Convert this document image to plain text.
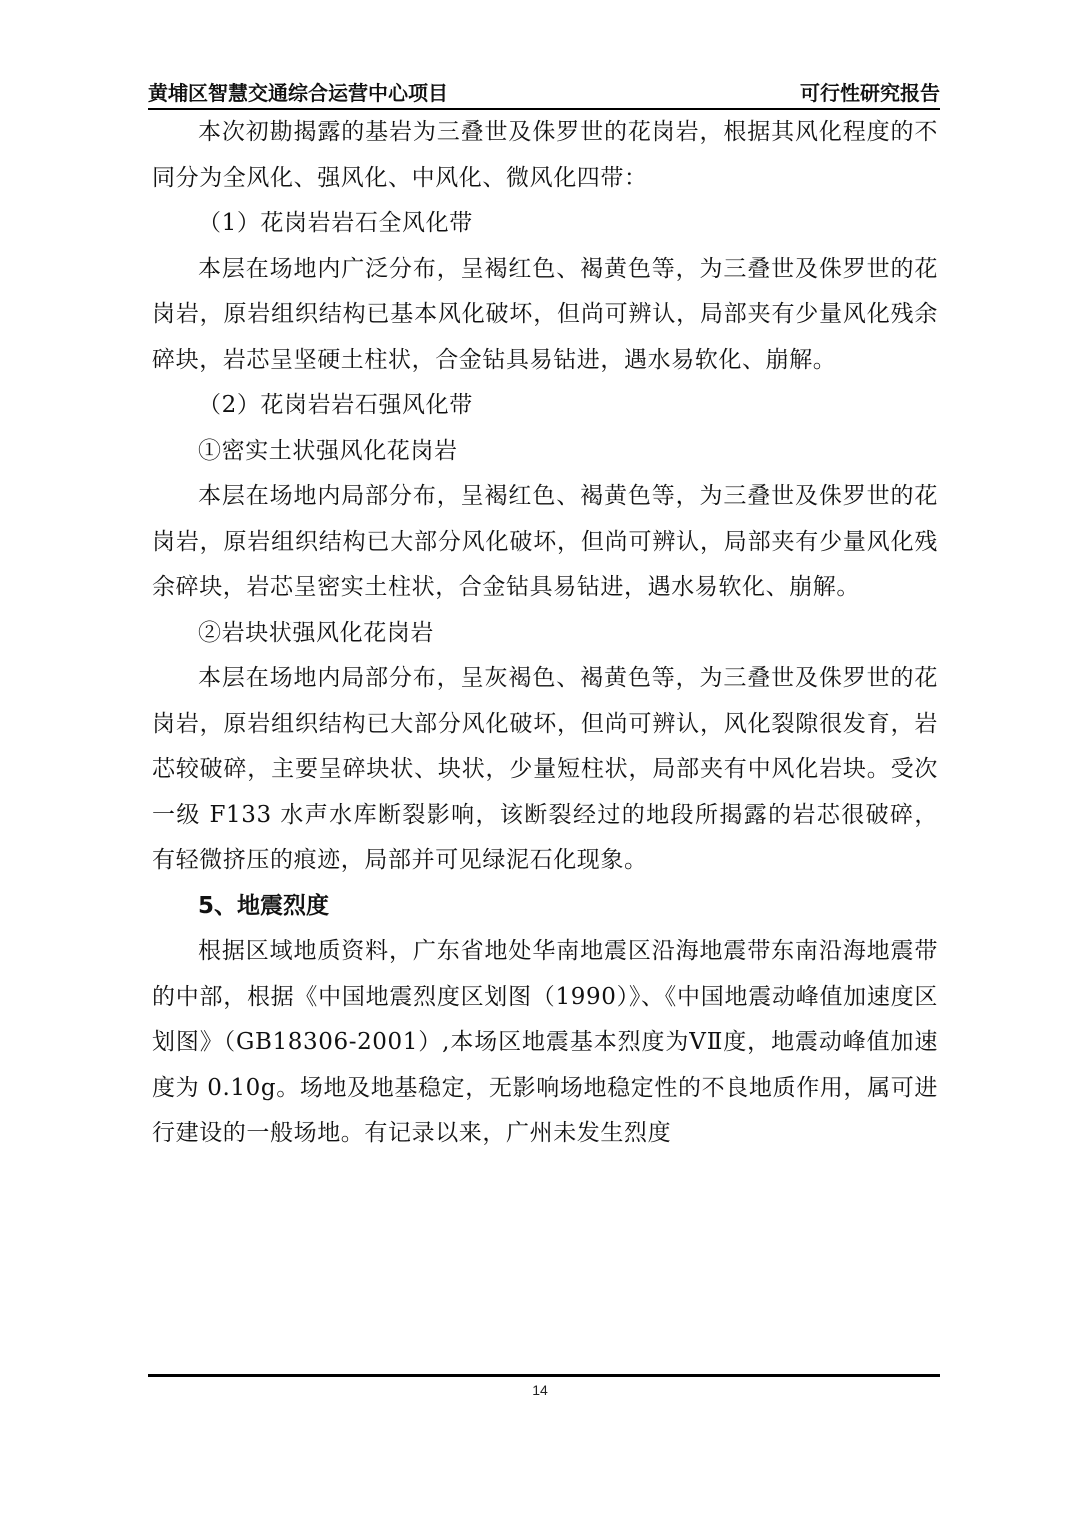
黄埔区智慧交通综合运营中心项目	可行性研究报告

本次初勘揭露的基岩为三叠世及侏罗世的花岗岩，根据其风化程度的不同分为全风化、强风化、中风化、微风化四带：

（1）花岗岩岩石全风化带

本层在场地内广泛分布，呈褐红色、褐黄色等，为三叠世及侏罗世的花岗岩，原岩组织结构已基本风化破坏，但尚可辨认，局部夹有少量风化残余碎块，岩芯呈坚硬土柱状，合金钻具易钻进，遇水易软化、崩解。

（2）花岗岩岩石强风化带

①密实土状强风化花岗岩

本层在场地内局部分布，呈褐红色、褐黄色等，为三叠世及侏罗世的花岗岩，原岩组织结构已大部分风化破坏，但尚可辨认，局部夹有少量风化残余碎块，岩芯呈密实土柱状，合金钻具易钻进，遇水易软化、崩解。

②岩块状强风化花岗岩

本层在场地内局部分布，呈灰褐色、褐黄色等，为三叠世及侏罗世的花岗岩，原岩组织结构已大部分风化破坏，但尚可辨认，风化裂隙很发育，岩芯较破碎，主要呈碎块状、块状，少量短柱状，局部夹有中风化岩块。受次一级 F133 水声水库断裂影响，该断裂经过的地段所揭露的岩芯很破碎，有轻微挤压的痕迹，局部并可见绿泥石化现象。

5、地震烈度

根据区域地质资料，广东省地处华南地震区沿海地震带东南沿海地震带的中部，根据《中国地震烈度区划图（1990）》、《中国地震动峰值加速度区划图》（GB18306-2001）,本场区地震基本烈度为ⅤⅡ度，地震动峰值加速度为 0.10g。场地及地基稳定，无影响场地稳定性的不良地质作用，属可进行建设的一般场地。有记录以来，广州未发生烈度

14
